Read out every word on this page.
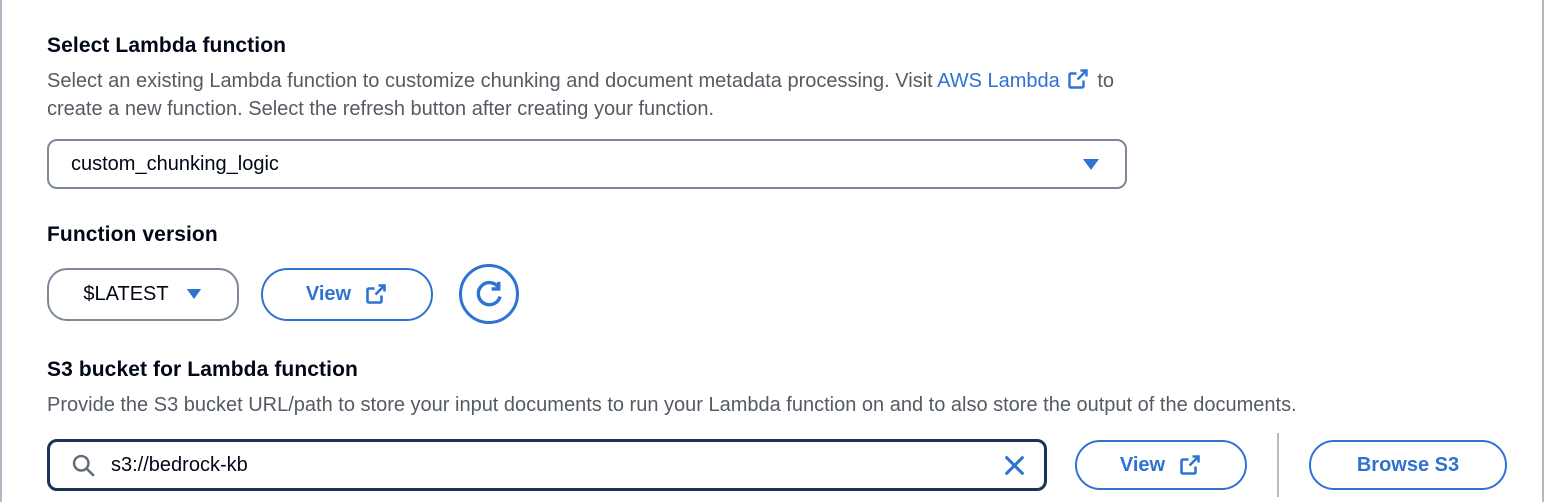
Select Lambda function
Select an existing Lambda function to customize chunking and document metadata processing. Visit AWS Lambda
to create a new function. Select the refresh button after creating your function.
custom_chunking_logic
Function version
$LATEST	View
S3 bucket for Lambda function
Provide the S3 bucket URL/path to store your input documents to run your Lambda function on and to also store the output of the documents.
s3://bedrock-kb
View	Browse S3
